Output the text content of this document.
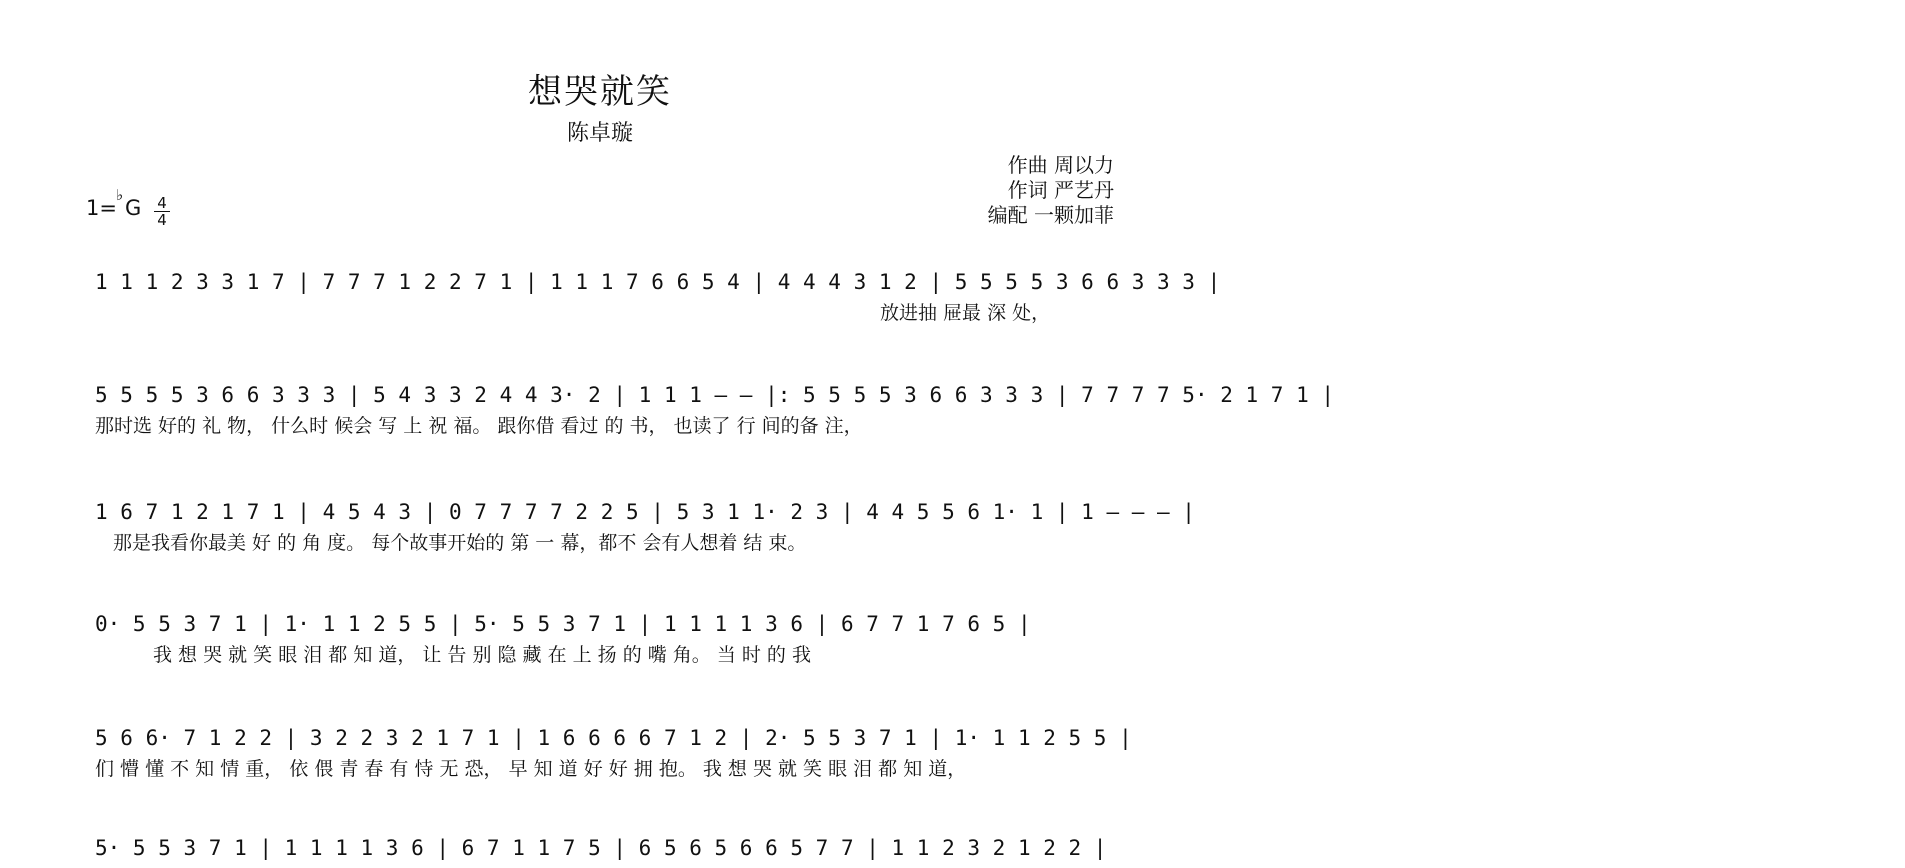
想哭就笑
陈卓璇
作曲 周以力
作词 严艺丹
编配 一颗加菲
1=
♭
G	4
4
1 1 1 2 3 3 1 7 | 7 7 7 1 2 2 7 1 | 1 1 1 7 6 6 5 4 | 4 4 4 3 1 2 | 5 5 5 5 3 6 6 3 3 3 |
放进抽 屉最 深 处，
5 5 5 5 3 6 6 3 3 3 | 5 4 3 3 2 4 4 3· 2 | 1 1 1 — — |: 5 5 5 5 3 6 6 3 3 3 | 7 7 7 7 5· 2 1 7 1 |
那时选 好的 礼 物， 什么时 候会 写 上 祝 福。 跟你借 看过 的 书， 也读了 行 间的备 注，
1 6 7 1 2 1 7 1 | 4 5 4 3 | 0 7 7 7 7 2 2 5 | 5 3 1 1· 2 3 | 4 4 5 5 6 1· 1 | 1 — — — |
那是我看你最美 好 的 角 度。 每个故事开始的 第 一 幕，都不 会有人想着 结 束。
0· 5 5 3 7 1 | 1· 1 1 2 5 5 | 5· 5 5 3 7 1 | 1 1 1 1 3 6 | 6 7 7 1 7 6 5 |
我 想 哭 就 笑 眼 泪 都 知 道， 让 告 别 隐 藏 在 上 扬 的 嘴 角。 当 时 的 我
5 6 6· 7 1 2 2 | 3 2 2 3 2 1 7 1 | 1 6 6 6 6 7 1 2 | 2· 5 5 3 7 1 | 1· 1 1 2 5 5 |
们 懵 懂 不 知 情 重， 依 偎 青 春 有 恃 无 恐， 早 知 道 好 好 拥 抱。 我 想 哭 就 笑 眼 泪 都 知 道，
5· 5 5 3 7 1 | 1 1 1 1 3 6 | 6 7 1 1 7 5 | 6 5 6 5 6 6 5 7 7 | 1 1 2 3 2 1 2 2 |
